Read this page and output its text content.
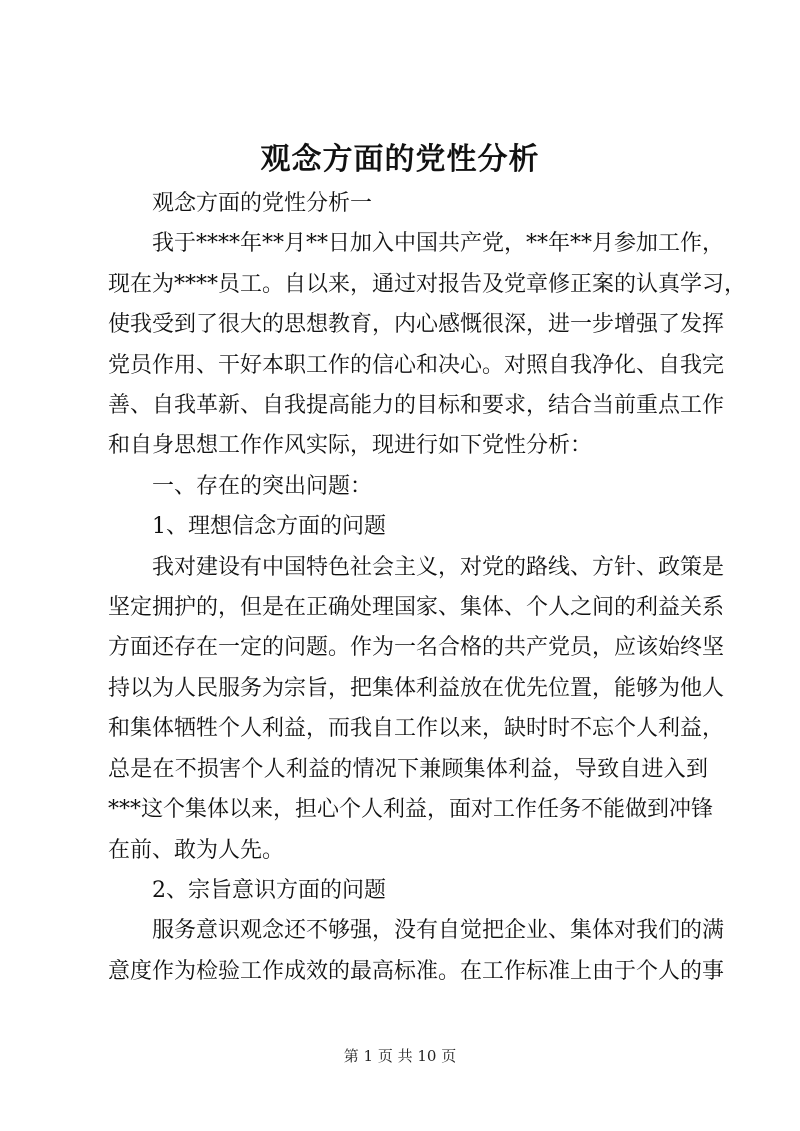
观念方面的党性分析

观念方面的党性分析一

我于****年**月**日加入中国共产党，**年**月参加工作，
现在为****员工。自以来，通过对报告及党章修正案的认真学习，
使我受到了很大的思想教育，内心感慨很深，进一步增强了发挥
党员作用、干好本职工作的信心和决心。对照自我净化、自我完
善、自我革新、自我提高能力的目标和要求，结合当前重点工作
和自身思想工作作风实际，现进行如下党性分析：

一、存在的突出问题：

1、理想信念方面的问题

我对建设有中国特色社会主义，对党的路线、方针、政策是
坚定拥护的，但是在正确处理国家、集体、个人之间的利益关系
方面还存在一定的问题。作为一名合格的共产党员，应该始终坚
持以为人民服务为宗旨，把集体利益放在优先位置，能够为他人
和集体牺牲个人利益，而我自工作以来，缺时时不忘个人利益，
总是在不损害个人利益的情况下兼顾集体利益，导致自进入到
***这个集体以来，担心个人利益，面对工作任务不能做到冲锋
在前、敢为人先。

2、宗旨意识方面的问题

服务意识观念还不够强，没有自觉把企业、集体对我们的满
意度作为检验工作成效的最高标准。在工作标准上由于个人的事

第 1 页 共 10 页
